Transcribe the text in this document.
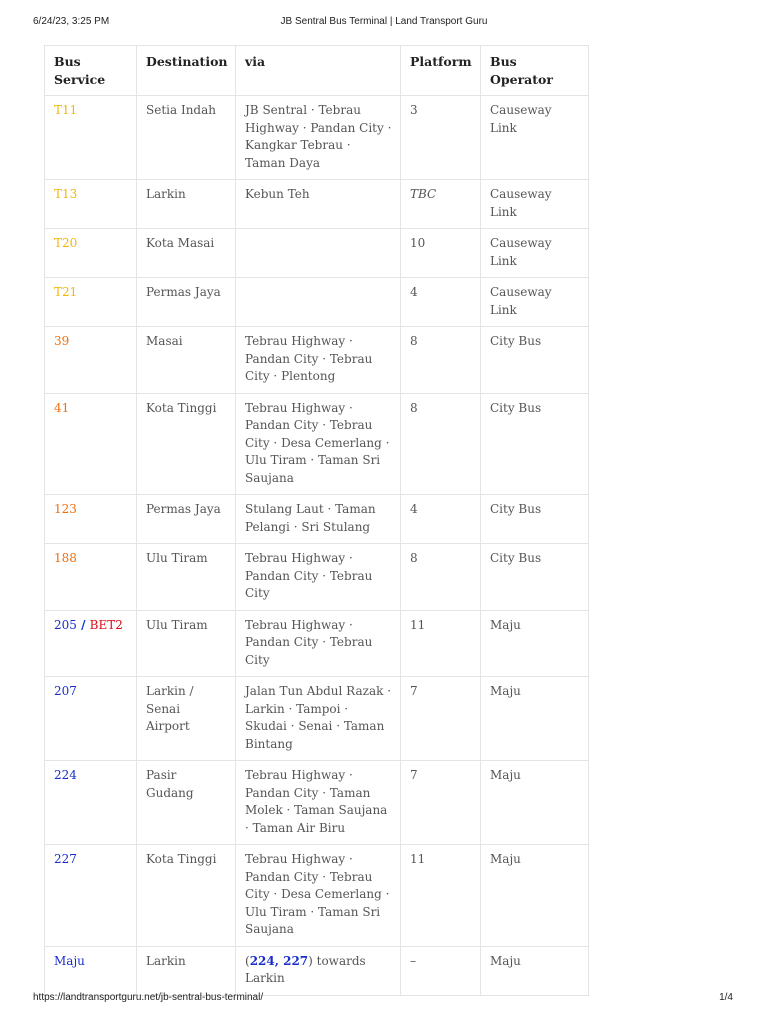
6/24/23, 3:25 PM	JB Sentral Bus Terminal | Land Transport Guru
Bus Service	Destination	via	Platform	Bus Operator
T11	Setia Indah	JB Sentral · Tebrau Highway · Pandan City · Kangkar Tebrau · Taman Daya	3	Causeway Link
T13	Larkin	Kebun Teh	TBC	Causeway Link
T20	Kota Masai		10	Causeway Link
T21	Permas Jaya		4	Causeway Link
39	Masai	Tebrau Highway · Pandan City · Tebrau City · Plentong	8	City Bus
41	Kota Tinggi	Tebrau Highway · Pandan City · Tebrau City · Desa Cemerlang · Ulu Tiram · Taman Sri Saujana	8	City Bus
123	Permas Jaya	Stulang Laut · Taman Pelangi · Sri Stulang	4	City Bus
188	Ulu Tiram	Tebrau Highway · Pandan City · Tebrau City	8	City Bus
205 / BET2	Ulu Tiram	Tebrau Highway · Pandan City · Tebrau City	11	Maju
207	Larkin / Senai Airport	Jalan Tun Abdul Razak · Larkin · Tampoi · Skudai · Senai · Taman Bintang	7	Maju
224	Pasir Gudang	Tebrau Highway · Pandan City · Taman Molek · Taman Saujana · Taman Air Biru	7	Maju
227	Kota Tinggi	Tebrau Highway · Pandan City · Tebrau City · Desa Cemerlang · Ulu Tiram · Taman Sri Saujana	11	Maju
Maju	Larkin	(224, 227) towards Larkin	–	Maju
https://landtransportguru.net/jb-sentral-bus-terminal/	1/4
